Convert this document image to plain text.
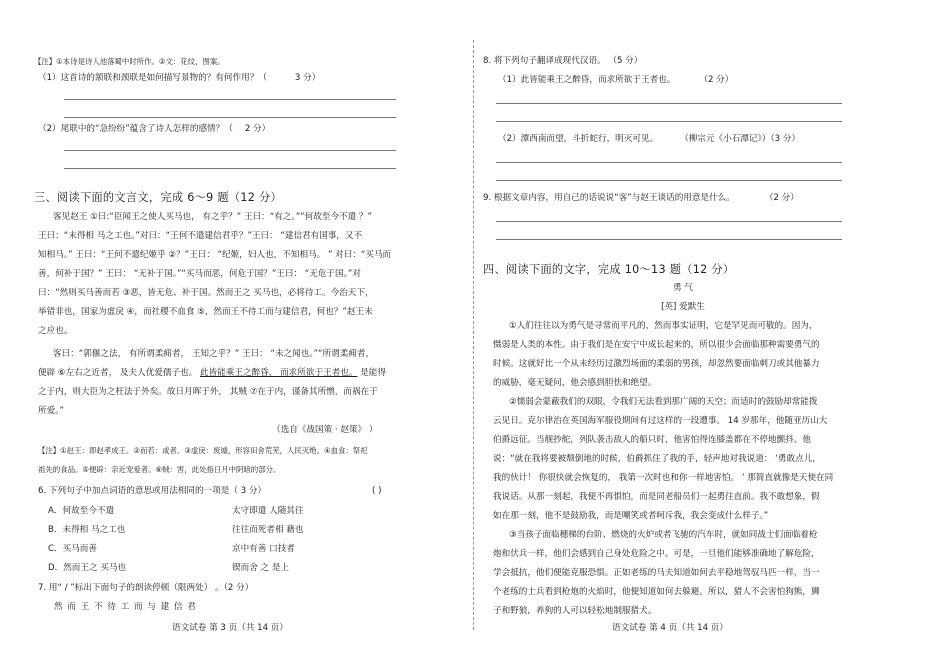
【注】①本诗是诗人池落蜀中时所作。②文：花纹，图案。
（1）这首诗的颔联和颈联是如何描写景物的？有何作用？（	3 分）
（2）尾联中的“急纷纷”蕴含了诗人怎样的感情？（ 2 分）
三、阅读下面的文言文，完成 6～9 题（12 分）
客见赵王 ①曰:“臣闻王之使人买马也， 有之乎？” 王曰：“有之。”“何故至今不遣 ？”
王曰：“未得相 马之工也。”对曰：“王何不遣建信君乎？”王曰： “建信君有国事，又不
知相马。” 王曰：“王何不遣纪姬乎 ②？”王曰： “纪姬，妇人也，不知相马。 ” 对曰：“买马而
善，何补于国？” 王曰： “无补于国。”“买马而恶，何危于国？”王曰： “无危于国。”对
曰：“然则买马善而若 ③恶，皆无危、补于国。然而王之 买马也，必将待工。今治天下，
举错非也，国家为虚戾 ④，而社稷不血食 ⑤，然而王不待工而与建信君，何也？”赵王未
之应也。
客曰：“郭偃之法， 有所谓柔痈者， 王知之乎？” 王曰： “未之闻也。”“所谓柔痈者，
便辟 ⑥左右之近者， 及夫人优爱孺子也。 此皆能乘王之醉昏， 而求所欲于王者也。 是能得
之于内，则大臣为之枉法于外矣。故日月晖于外， 其贼 ⑦在于内，谨备其所憎，而祸在于
所爱。”
（选自《战国策 · 赵策》 ）
【注】①赵王：即赵孝成王。②而若：或者。③虚戾：废墟，形容田舍荒芜，人民灭绝。④血食：祭祀
祖先的食品。⑤便辟：亲近宠爱者。⑥贼：害，此处指日月中阴暗的部分。
6. 下列句子中加点词语的意思或用法相同的一项是（ 3 分）	( )
A．何故至今不遣	太守即遣 人随其往
B．未得相 马之工也	往往而死者相 藉也
C．买马而善	京中有善 口技者
D．然而王之 买马也	锲而舍 之 是上
7. 用“ / ”标出下面句子的朗读停顿（限两处） 。（2 分）
然 而 王 不 待 工 而 与 建 信 君
语文试卷 第 3 页（共 14 页）
8. 将下列句子翻译成现代汉语。 （5 分）
（1）此皆能乘王之醉昏，而求所欲于王者也。	（2 分）
（2）潭西南而望，斗折蛇行，明灭可见。	（柳宗元《小石潭记》）（3 分）
9. 根据文章内容，用自己的话说说“客”与赵王谈话的用意是什么。	（2 分）
四、阅读下面的文字，完成 10～13 题（12 分）
勇 气
[英] 爱默生
①人们往往以为勇气是寻常而平凡的，然而事实证明，它是罕见而可敬的。因为，
慑弱是人类的本性。由于我们是在安宁中成长起来的，所以很少会面临那种需要勇气的
时候。这就好比一个从未经历过激烈场面的柔弱的男孩，却忽然要面临刺刀或其他暴力
的威胁，毫无疑问，他会感到胆怯和绝望。
②懦弱会蒙蔽我们的双眼，令我们无法看到那广阔的天空；而适时的鼓励却常能拨
云见日。克尔律治在英国海军服役期间有过这样的一段遭事。 14 岁那年，他随亚历山大
伯爵远征。当舰抄舵，列队袭击敌人的船只时，他害怕得连膝盖都在不停地颤抖。他
说：“就在我将要被颓倒地的时候，伯爵抓住了我的手，轻声地对我说道： ‘勇敢点儿，
我的伙计！ 你很快就会恢复的， 我第一次时也和你一样地害怕。 ’ 那简直就像是天使在同
我说话。从那一刻起，我便不再惧怕，而是同老船员们一起勇往直前。我不敢想象，假
如在那一刻，他不是鼓励我，而是嘲笑或者呵斥我，我会变成什么样子。”
③当孩子面临穗梯的台阶、燃烧的火炉或者飞驰的汽车时，就如同战士们面临着枪
炮和伏兵一样，他们会感到自己身处危险之中。可是，一旦他们能够准确地了解危险，
学会抵抗，他们便能克服恐惧。正如老练的马夫知道如何去平稳地驾驭马匹一样，当一
个老练的士兵看到枪炮的火焰时，他便知道如何去躲避。所以，猎人不会害怕狗熊，狮
子和野狼，养狗的人可以轻松地制服猎犬。
语文试卷 第 4 页（共 14 页）
